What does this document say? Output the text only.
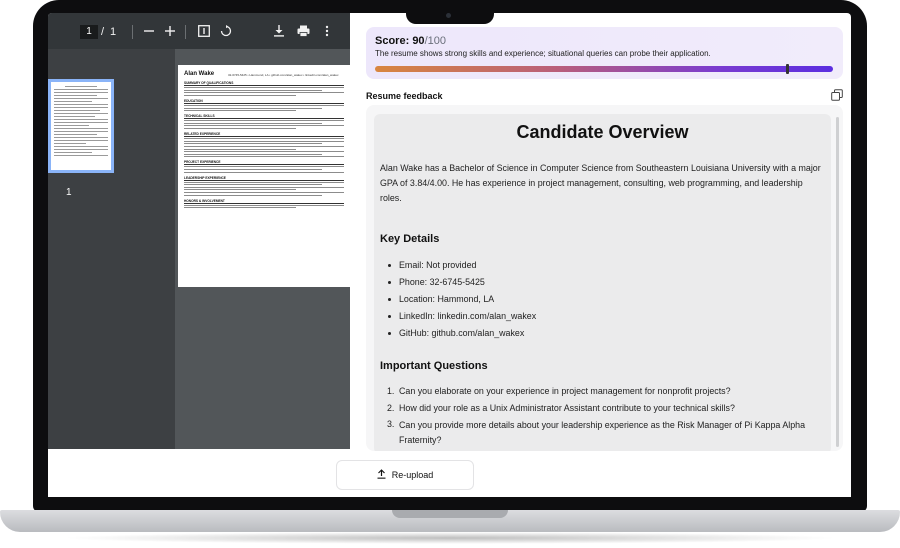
1 / 1
1
Alan Wake	32-6745-5425 • Hammond, LA • github.com/alan_wakex • linkedin.com/alan_wakex
SUMMARY OF QUALIFICATIONS
EDUCATION
TECHNICAL SKILLS
RELATED EXPERIENCE
PROJECT EXPERIENCE
LEADERSHIP EXPERIENCE
HONORS & INVOLVEMENT
Score: 90/100
The resume shows strong skills and experience; situational queries can probe their application.
Resume feedback
Candidate Overview
Alan Wake has a Bachelor of Science in Computer Science from Southeastern Louisiana University with a major GPA of 3.84/4.00. He has experience in project management, consulting, web programming, and leadership roles.
Key Details
Email: Not provided
Phone: 32-6745-5425
Location: Hammond, LA
LinkedIn: linkedin.com/alan_wakex
GitHub: github.com/alan_wakex
Important Questions
1. Can you elaborate on your experience in project management for nonprofit projects?
2. How did your role as a Unix Administrator Assistant contribute to your technical skills?
3. Can you provide more details about your leadership experience as the Risk Manager of Pi Kappa Alpha Fraternity?
Re-upload
